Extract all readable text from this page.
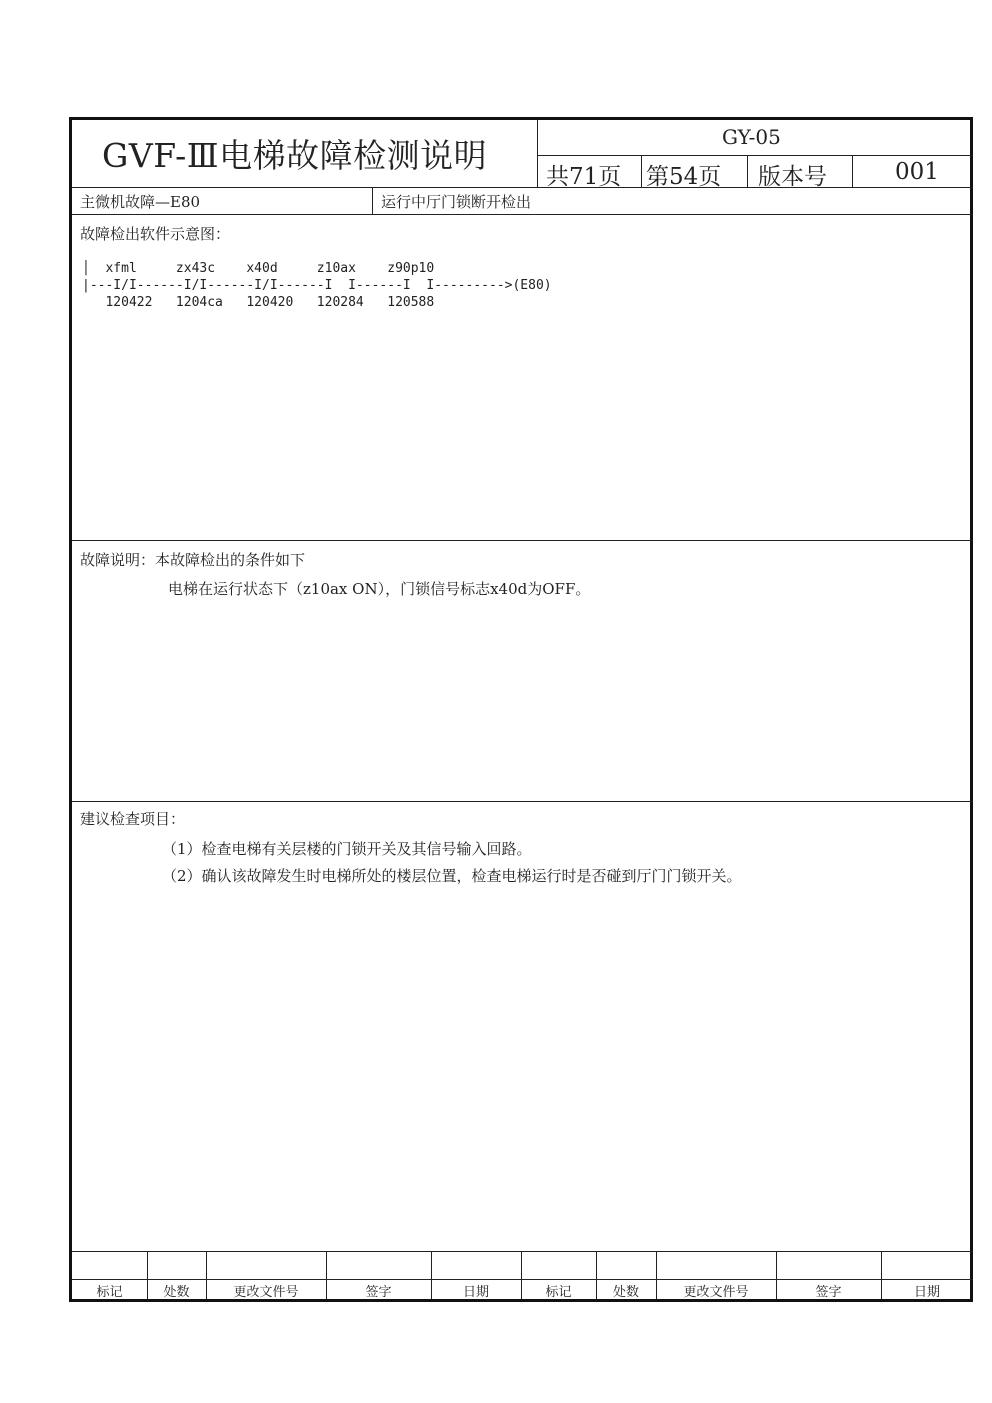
GVF-Ⅲ电梯故障检测说明	GY-05
共71页 第54页 版本号	001
主微机故障—E80	运行中厅门锁断开检出
故障检出软件示意图：
│  xfml     zx43c    x40d     z10ax    z90p10
|---I/I------I/I------I/I------I  I------I  I--------->(E80)
120422   1204ca   120420   120284   120588
故障说明：本故障检出的条件如下
电梯在运行状态下（z10ax ON），门锁信号标志x40d为OFF。
建议检查项目：
（1）检查电梯有关层楼的门锁开关及其信号输入回路。
（2）确认该故障发生时电梯所处的楼层位置，检查电梯运行时是否碰到厅门门锁开关。
标记	处数	更改文件号	签字	日期	标记	处数	更改文件号	签字	日期
